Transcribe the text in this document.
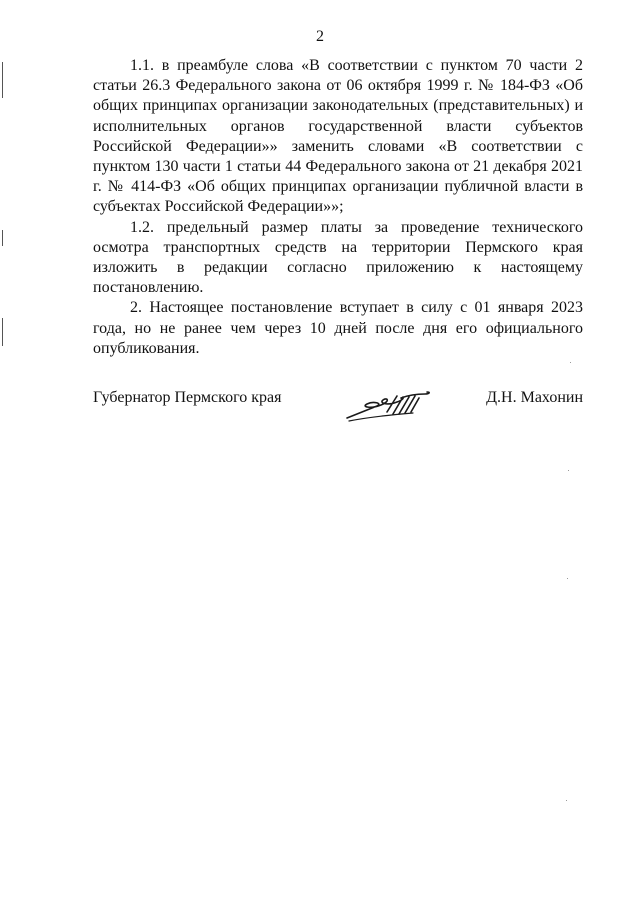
2

1.1. в преамбуле слова «В соответствии с пунктом 70 части 2 статьи 26.3 Федерального закона от 06 октября 1999 г. № 184-ФЗ «Об общих принципах организации законодательных (представительных) и исполнительных органов государственной власти субъектов Российской Федерации»» заменить словами «В соответствии с пунктом 130 части 1 статьи 44 Федерального закона от 21 декабря 2021 г. № 414-ФЗ «Об общих принципах организации публичной власти в субъектах Российской Федерации»»;

1.2. предельный размер платы за проведение технического осмотра транспортных средств на территории Пермского края изложить в редакции согласно приложению к настоящему постановлению.

2. Настоящее постановление вступает в силу с 01 января 2023 года, но не ранее чем через 10 дней после дня его официального опубликования.

Губернатор Пермского края	Д.Н. Махонин
